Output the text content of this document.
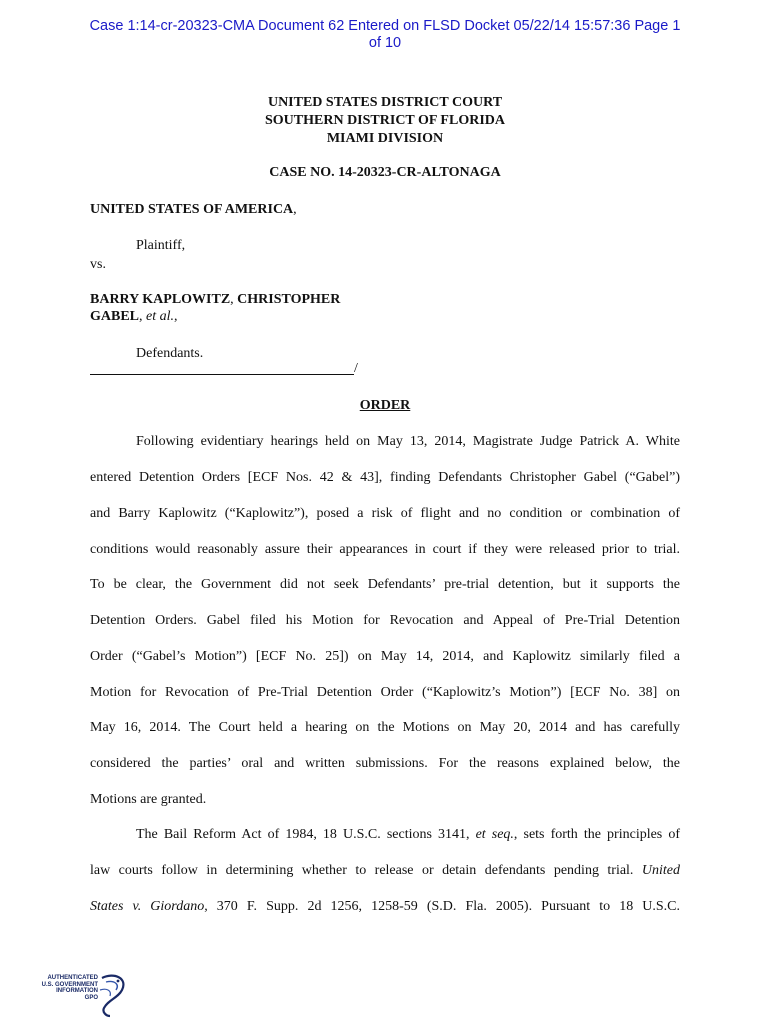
Case 1:14-cr-20323-CMA Document 62 Entered on FLSD Docket 05/22/14 15:57:36 Page 1
of 10
UNITED STATES DISTRICT COURT
SOUTHERN DISTRICT OF FLORIDA
MIAMI DIVISION
CASE NO. 14-20323-CR-ALTONAGA
UNITED STATES OF AMERICA,
Plaintiff,
vs.
BARRY KAPLOWITZ, CHRISTOPHER
GABEL, et al.,
Defendants.
/
ORDER
Following evidentiary hearings held on May 13, 2014, Magistrate Judge Patrick A. White
entered Detention Orders [ECF Nos. 42 & 43], finding Defendants Christopher Gabel (“Gabel”)
and Barry Kaplowitz (“Kaplowitz”), posed a risk of flight and no condition or combination of
conditions would reasonably assure their appearances in court if they were released prior to trial.
To be clear, the Government did not seek Defendants’ pre-trial detention, but it supports the
Detention Orders. Gabel filed his Motion for Revocation and Appeal of Pre-Trial Detention
Order (“Gabel’s Motion”) [ECF No. 25]) on May 14, 2014, and Kaplowitz similarly filed a
Motion for Revocation of Pre-Trial Detention Order (“Kaplowitz’s Motion”) [ECF No. 38] on
May 16, 2014. The Court held a hearing on the Motions on May 20, 2014 and has carefully
considered the parties’ oral and written submissions. For the reasons explained below, the
Motions are granted.
The Bail Reform Act of 1984, 18 U.S.C. sections 3141, et seq., sets forth the principles of
law courts follow in determining whether to release or detain defendants pending trial. United
States v. Giordano, 370 F. Supp. 2d 1256, 1258-59 (S.D. Fla. 2005). Pursuant to 18 U.S.C.
AUTHENTICATED
U.S. GOVERNMENT
INFORMATION
GPO
